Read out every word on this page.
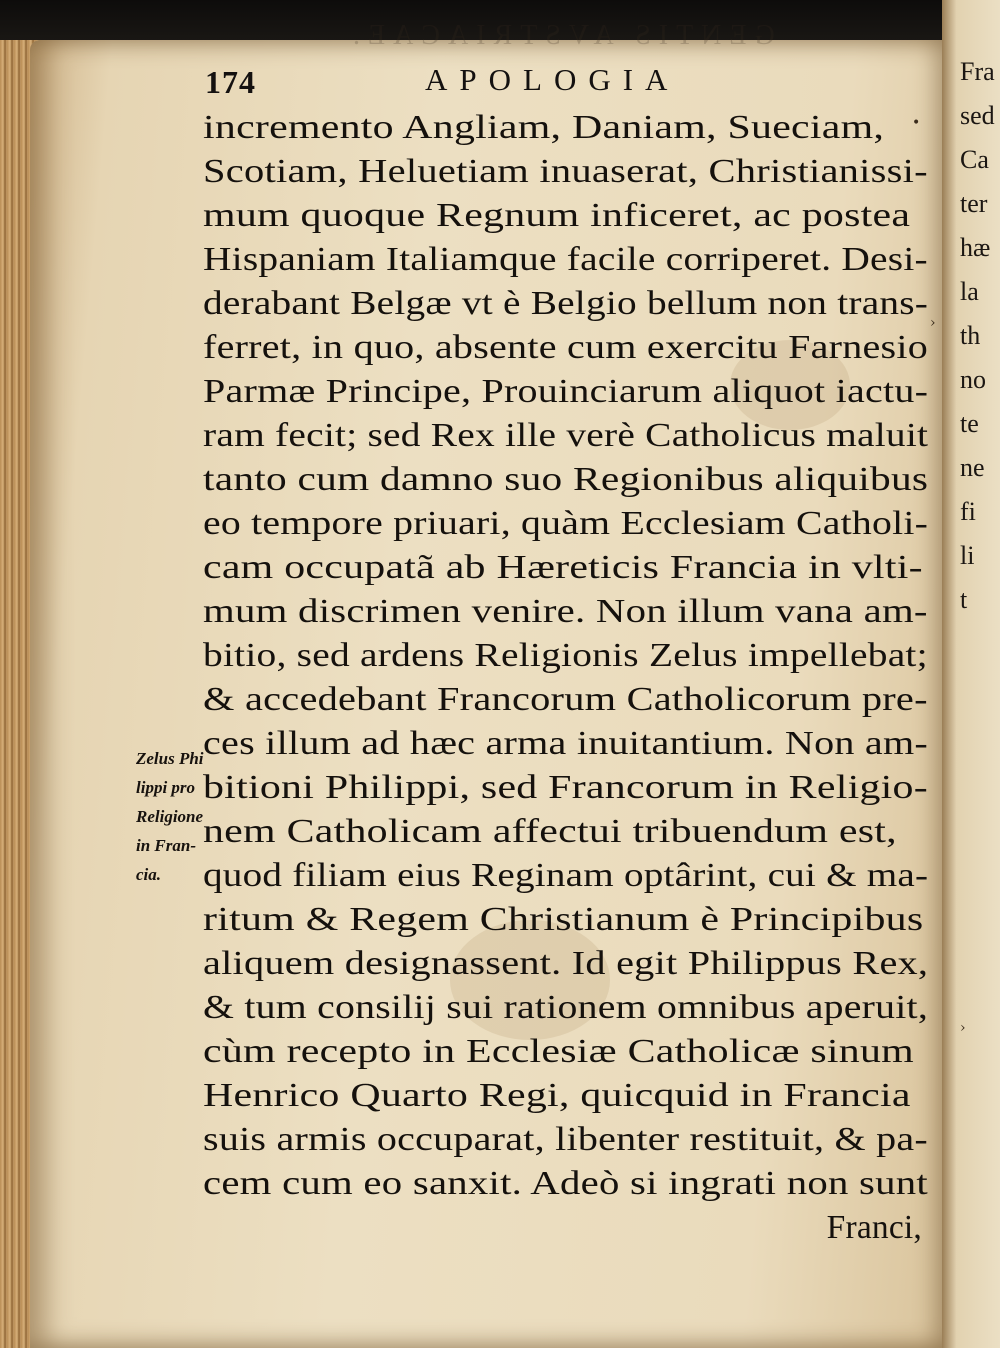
174	APOLOGIA
GENTIS AVSTRIACAE.
incremento Angliam, Daniam, Sueciam,
Scotiam, Heluetiam inuaserat, Christianissi-
mum quoque Regnum inficeret, ac postea
Hispaniam Italiamque facile corriperet. Desi-
derabant Belgæ vt è Belgio bellum non trans-
ferret, in quo, absente cum exercitu Farnesio
Parmæ Principe, Prouinciarum aliquot iactu-
ram fecit; sed Rex ille verè Catholicus maluit
tanto cum damno suo Regionibus aliquibus
eo tempore priuari, quàm Ecclesiam Catholi-
cam occupatã ab Hæreticis Francia in vlti-
mum discrimen venire. Non illum vana am-
bitio, sed ardens Religionis Zelus impellebat;
& accedebant Francorum Catholicorum pre-
ces illum ad hæc arma inuitantium. Non am-
bitioni Philippi, sed Francorum in Religio-
nem Catholicam affectui tribuendum est,
quod filiam eius Reginam optârint, cui & ma-
ritum & Regem Christianum è Principibus
aliquem designassent. Id egit Philippus Rex,
& tum consilij sui rationem omnibus aperuit,
cùm recepto in Ecclesiæ Catholicæ sinum
Henrico Quarto Regi, quicquid in Francia
suis armis occuparat, libenter restituit, & pa-
cem cum eo sanxit. Adeò si ingrati non sunt
Franci,
Zelus Phi
lippi pro
Religione
in Fran-
cia.
Fra
sed
Ca
ter
hæ
la
th
no
te
ne
fi
li
t
•
›
›
